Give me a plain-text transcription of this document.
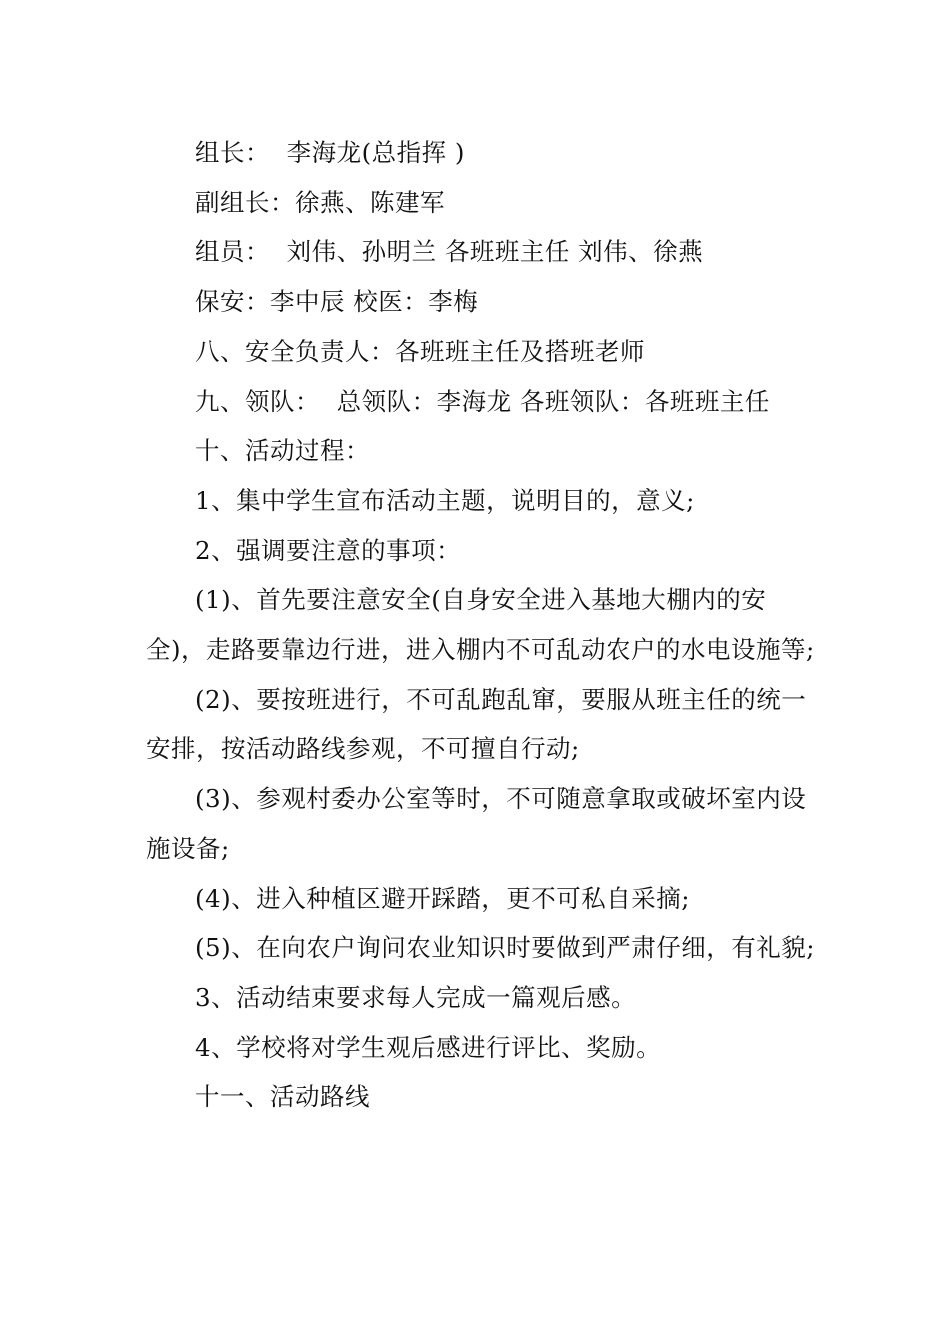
组长：  李海龙(总指挥 )

副组长：徐燕、陈建军

组员：  刘伟、孙明兰 各班班主任 刘伟、徐燕

保安：李中辰 校医：李梅

八、安全负责人：各班班主任及搭班老师

九、领队：  总领队：李海龙 各班领队：各班班主任

十、活动过程：

1、集中学生宣布活动主题，说明目的，意义;

2、强调要注意的事项：

(1)、首先要注意安全(自身安全进入基地大棚内的安全)，走路要靠边行进，进入棚内不可乱动农户的水电设施等;

(2)、要按班进行，不可乱跑乱窜，要服从班主任的统一安排，按活动路线参观，不可擅自行动;

(3)、参观村委办公室等时，不可随意拿取或破坏室内设施设备;

(4)、进入种植区避开踩踏，更不可私自采摘;

(5)、在向农户询问农业知识时要做到严肃仔细，有礼貌;

3、活动结束要求每人完成一篇观后感。

4、学校将对学生观后感进行评比、奖励。

十一、活动路线
